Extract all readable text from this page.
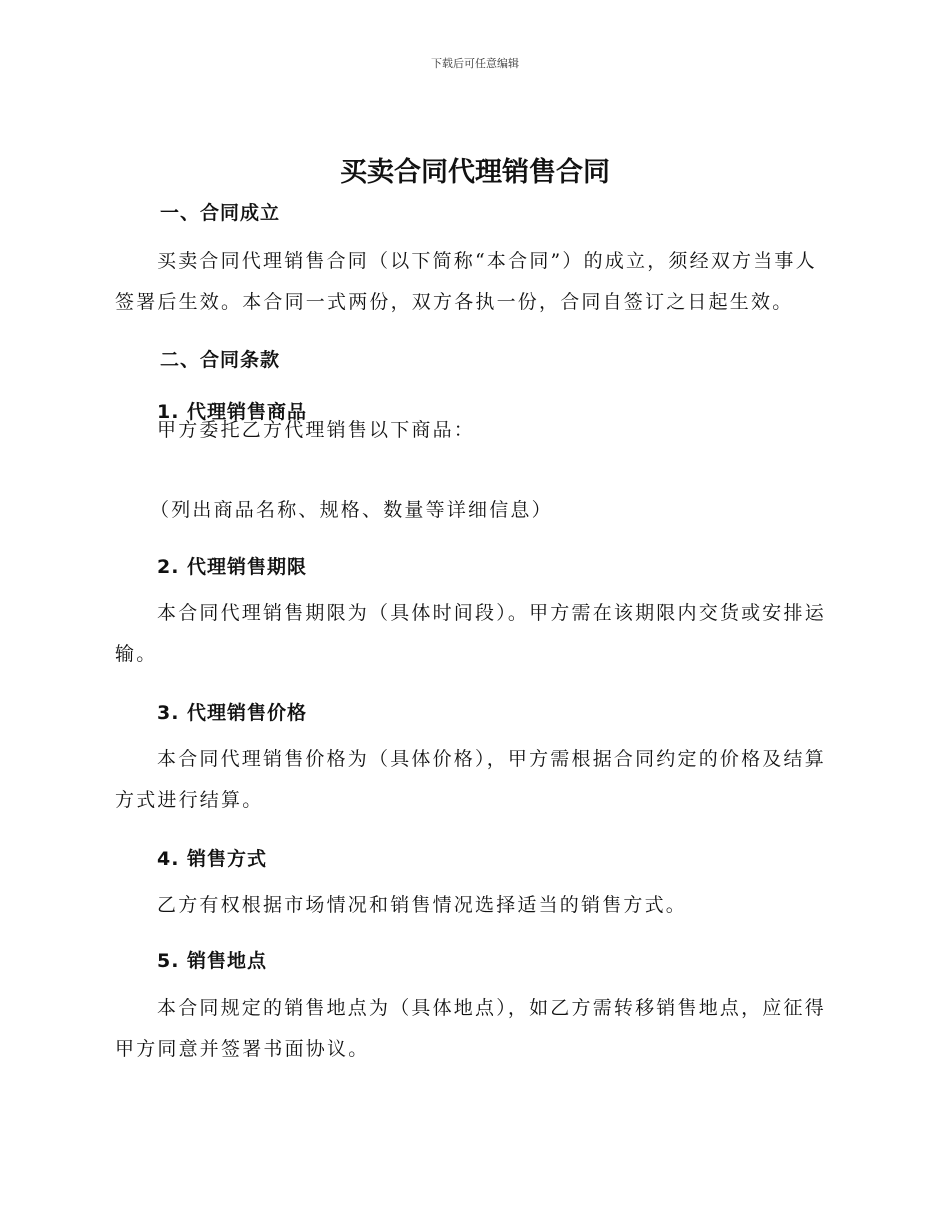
下载后可任意编辑
买卖合同代理销售合同
一、合同成立
买卖合同代理销售合同（以下简称“本合同”）的成立，须经双方当事人签署后生效。本合同一式两份，双方各执一份，合同自签订之日起生效。
二、合同条款
1. 代理销售商品
甲方委托乙方代理销售以下商品：
（列出商品名称、规格、数量等详细信息）
2. 代理销售期限
本合同代理销售期限为（具体时间段）。甲方需在该期限内交货或安排运输。
3. 代理销售价格
本合同代理销售价格为（具体价格），甲方需根据合同约定的价格及结算方式进行结算。
4. 销售方式
乙方有权根据市场情况和销售情况选择适当的销售方式。
5. 销售地点
本合同规定的销售地点为（具体地点），如乙方需转移销售地点，应征得甲方同意并签署书面协议。
